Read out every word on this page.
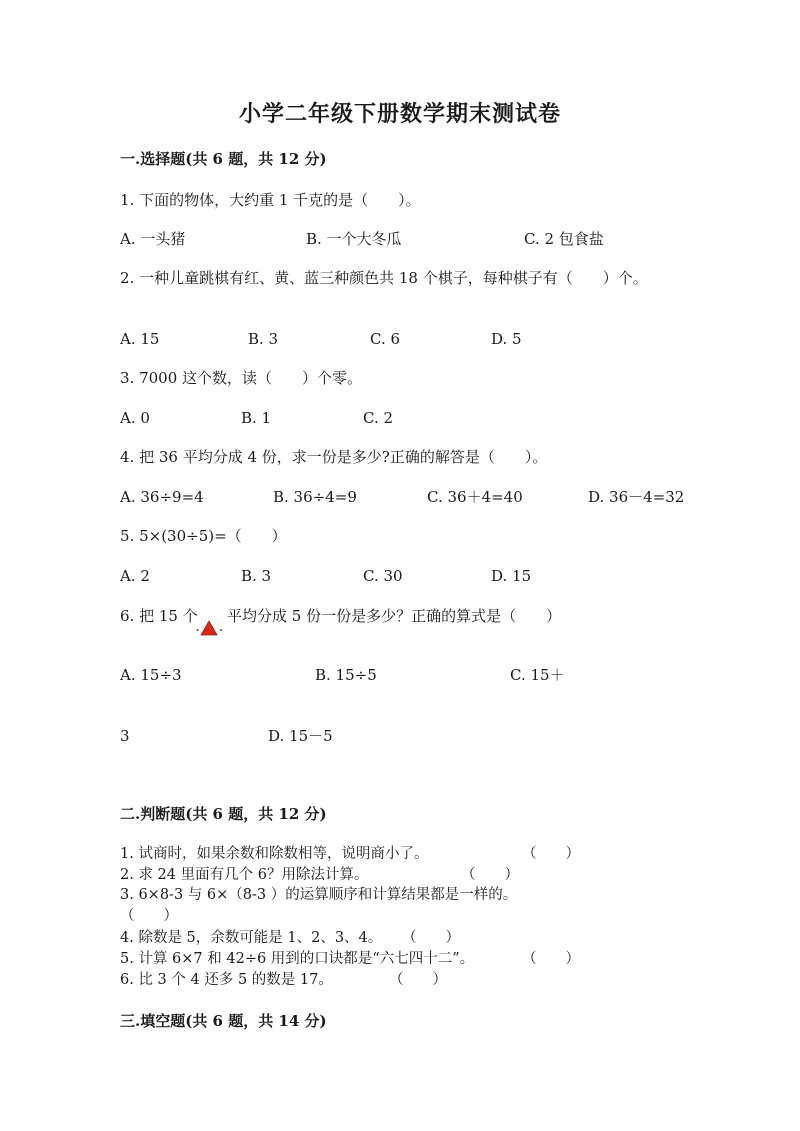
小学二年级下册数学期末测试卷
一.选择题(共 6 题，共 12 分)
1. 下面的物体，大约重 1 千克的是（　　）。
A. 一头猪	B. 一个大冬瓜	C. 2 包食盐
2. 一种儿童跳棋有红、黄、蓝三种颜色共 18 个棋子，每种棋子有（　　）个。
A. 15	B. 3	C. 6	D. 5
3. 7000 这个数，读（　　）个零。
A. 0	B. 1	C. 2
4. 把 36 平均分成 4 份，求一份是多少?正确的解答是（　　）。
A. 36÷9=4	B. 36÷4=9	C. 36＋4=40	D. 36－4=32
5. 5×(30÷5)=（　　）
A. 2	B. 3	C. 30	D. 15
6. 把 15 个 平均分成 5 份一份是多少？正确的算式是（　　）
A. 15÷3	B. 15÷5	C. 15＋
3	D. 15－5
二.判断题(共 6 题，共 12 分)
1. 试商时，如果余数和除数相等，说明商小了。	（　　）
2. 求 24 里面有几个 6？用除法计算。	（　　）
3. 6×8-3 与 6×（8-3 ）的运算顺序和计算结果都是一样的。
（　　）
4. 除数是 5，余数可能是 1、2、3、4。 （　　）
5. 计算 6×7 和 42÷6 用到的口诀都是“六七四十二”。	（　　）
6. 比 3 个 4 还多 5 的数是 17。	（　　）
三.填空题(共 6 题，共 14 分)
